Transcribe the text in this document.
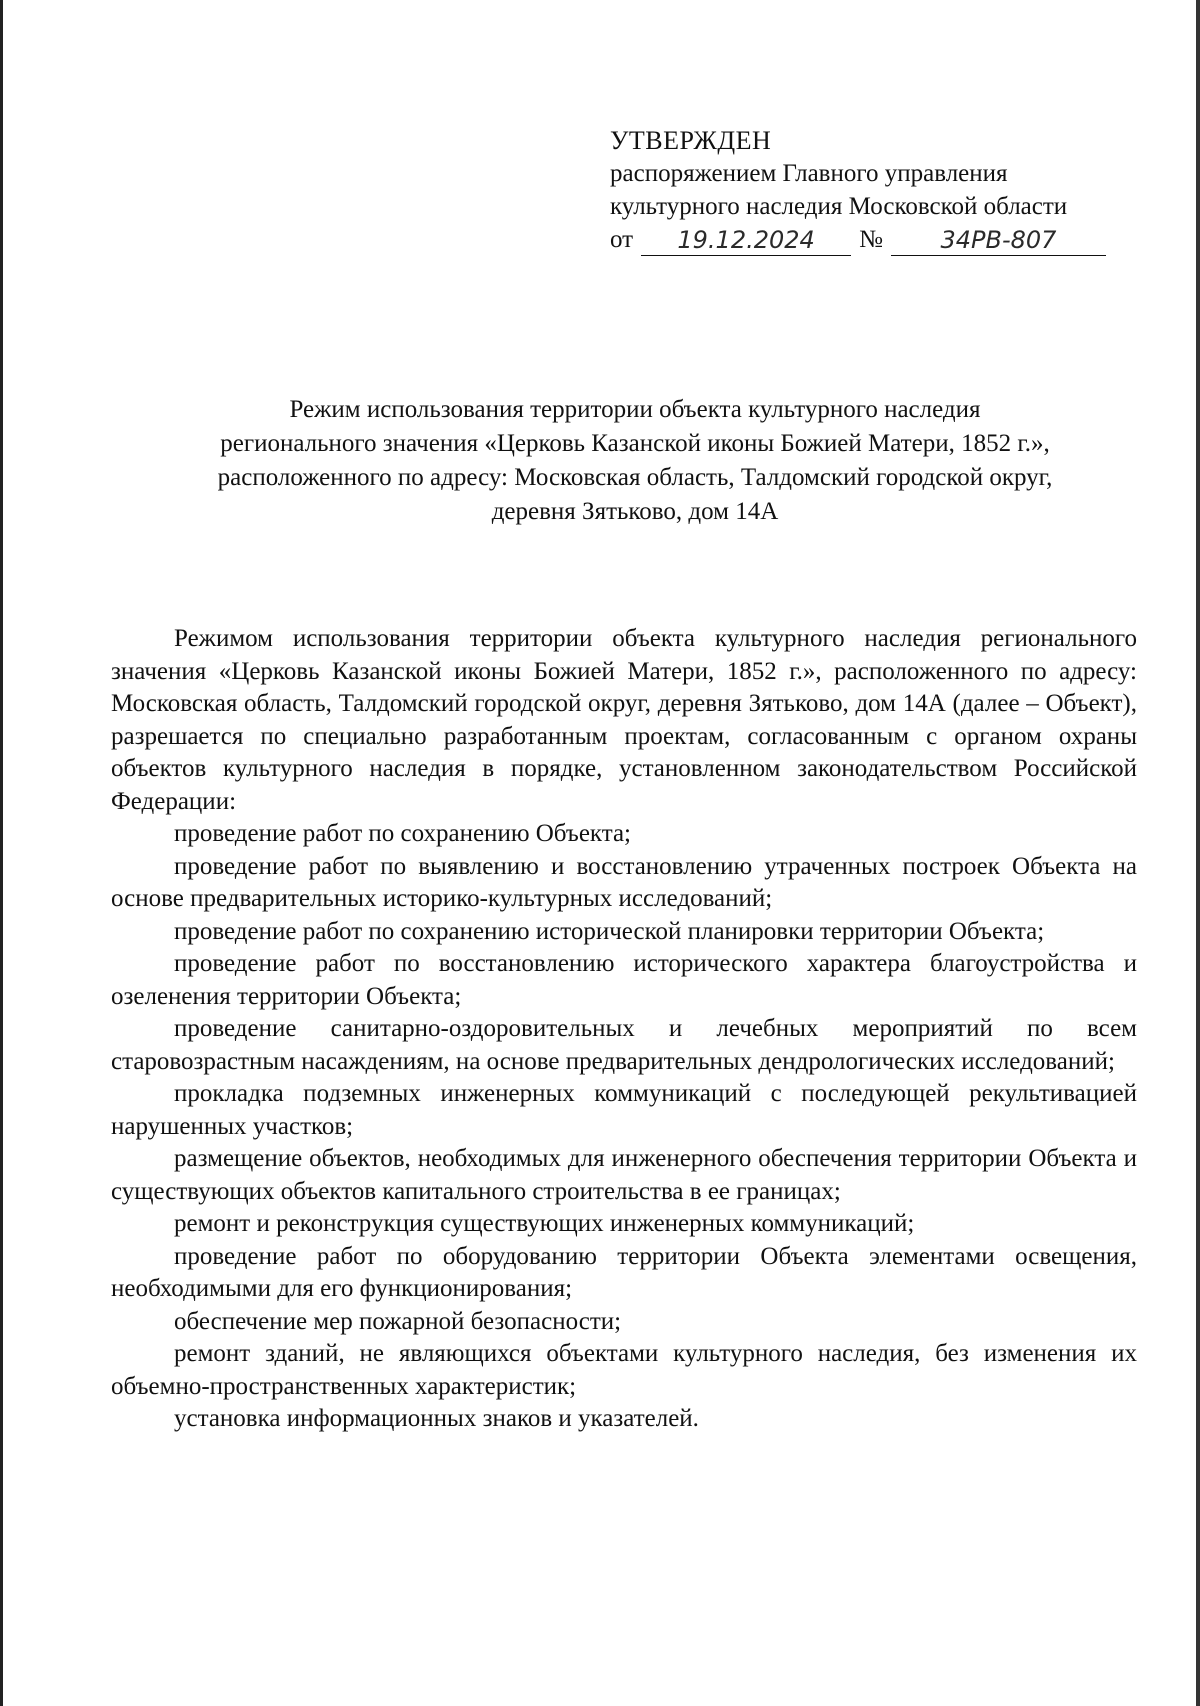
УТВЕРЖДЕН
распоряжением Главного управления
культурного наследия Московской области
от	19.12.2024	№	34РВ-807
Режим использования территории объекта культурного наследия
регионального значения «Церковь Казанской иконы Божией Матери, 1852 г.»,
расположенного по адресу: Московская область, Талдомский городской округ,
деревня Зятьково, дом 14А

Режимом использования территории объекта культурного наследия регионального значения «Церковь Казанской иконы Божией Матери, 1852 г.», расположенного по адресу: Московская область, Талдомский городской округ, деревня Зятьково, дом 14А (далее – Объект), разрешается по специально разработанным проектам, согласованным с органом охраны объектов культурного наследия в порядке, установленном законодательством Российской Федерации:

проведение работ по сохранению Объекта;

проведение работ по выявлению и восстановлению утраченных построек Объекта на основе предварительных историко-культурных исследований;

проведение работ по сохранению исторической планировки территории Объекта;

проведение работ по восстановлению исторического характера благоустройства и озеленения территории Объекта;

проведение санитарно-оздоровительных и лечебных мероприятий по всем старовозрастным насаждениям, на основе предварительных дендрологических исследований;

прокладка подземных инженерных коммуникаций с последующей рекультивацией нарушенных участков;

размещение объектов, необходимых для инженерного обеспечения территории Объекта и существующих объектов капитального строительства в ее границах;

ремонт и реконструкция существующих инженерных коммуникаций;

проведение работ по оборудованию территории Объекта элементами освещения, необходимыми для его функционирования;

обеспечение мер пожарной безопасности;

ремонт зданий, не являющихся объектами культурного наследия, без изменения их объемно-пространственных характеристик;

установка информационных знаков и указателей.
